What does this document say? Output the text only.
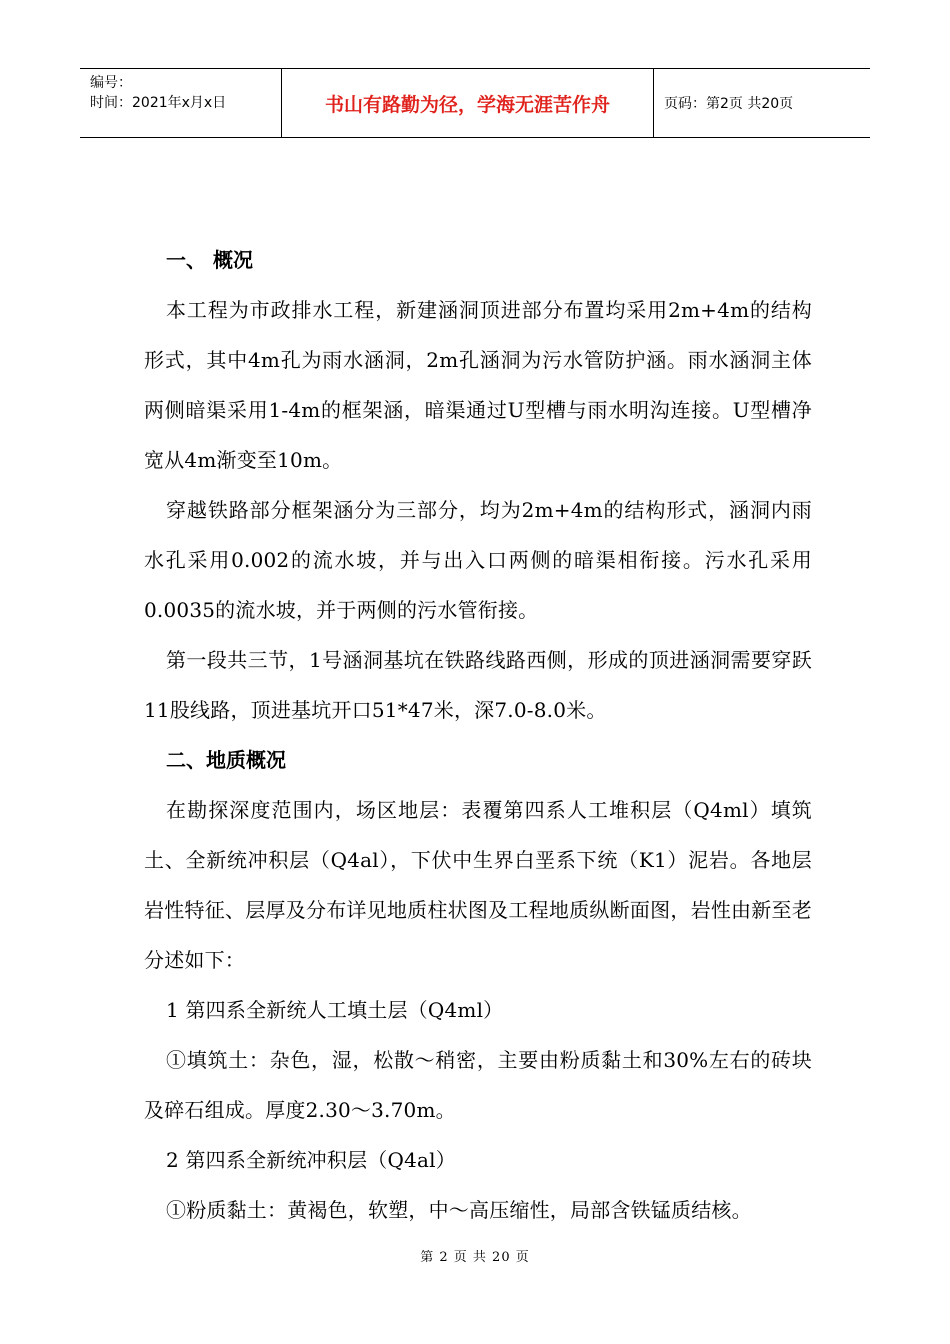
编号：
时间：2021年x月x日	书山有路勤为径，学海无涯苦作舟	页码：第2页 共20页

一、 概况

本工程为市政排水工程，新建涵洞顶进部分布置均采用2m+4m的结构形式，其中4m孔为雨水涵洞，2m孔涵洞为污水管防护涵。雨水涵洞主体两侧暗渠采用1-4m的框架涵，暗渠通过U型槽与雨水明沟连接。U型槽净宽从4m渐变至10m。

穿越铁路部分框架涵分为三部分，均为2m+4m的结构形式，涵洞内雨水孔采用0.002的流水坡，并与出入口两侧的暗渠相衔接。污水孔采用0.0035的流水坡，并于两侧的污水管衔接。

第一段共三节，1号涵洞基坑在铁路线路西侧，形成的顶进涵洞需要穿跃11股线路，顶进基坑开口51*47米，深7.0-8.0米。

二、地质概况

在勘探深度范围内，场区地层：表覆第四系人工堆积层（Q4ml）填筑土、全新统冲积层（Q4al），下伏中生界白垩系下统（K1）泥岩。各地层岩性特征、层厚及分布详见地质柱状图及工程地质纵断面图，岩性由新至老分述如下：

1 第四系全新统人工填土层（Q4ml）

①填筑土：杂色，湿，松散～稍密，主要由粉质黏土和30%左右的砖块及碎石组成。厚度2.30～3.70m。

2 第四系全新统冲积层（Q4al）

①粉质黏土：黄褐色，软塑，中～高压缩性，局部含铁锰质结核。

第 2 页 共 20 页
